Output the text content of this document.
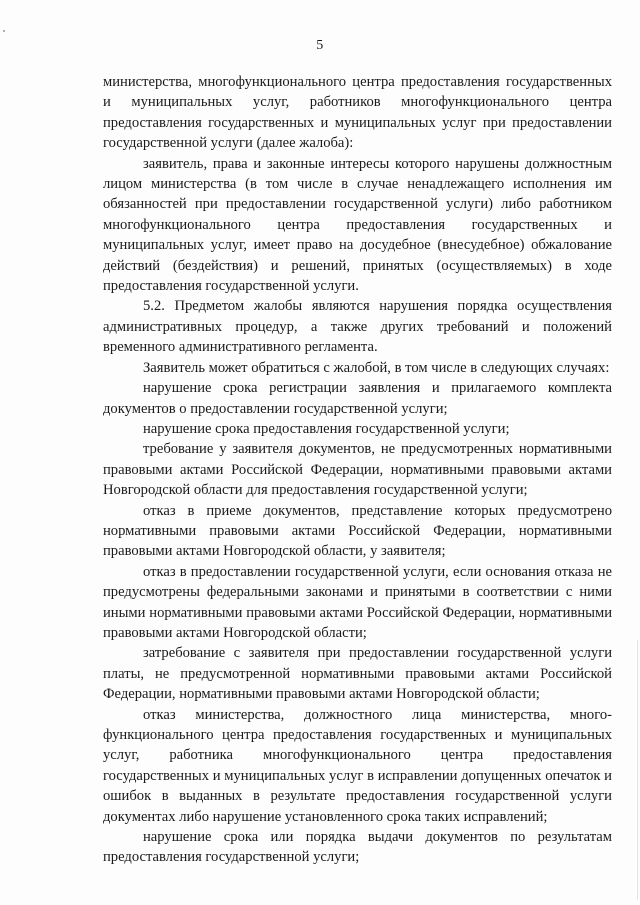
5

министерства, многофункционального центра предоставления государственных и муниципальных услуг, работников многофункционального центра предоставления государственных и муниципальных услуг при предоставлении государственной услуги (далее жалоба):

заявитель, права и законные интересы которого нарушены должностным лицом министерства (в том числе в случае ненадлежащего исполнения им обязанностей при предоставлении государственной услуги) либо работником многофункционального центра предоставления государственных и муниципальных услуг, имеет право на досудебное (внесудебное) обжалование действий (бездействия) и решений, принятых (осуществляемых) в ходе предоставления государственной услуги.

5.2. Предметом жалобы являются нарушения порядка осуществления административных процедур, а также других требований и положений временного административного регламента.

Заявитель может обратиться с жалобой, в том числе в следующих случаях:

нарушение срока регистрации заявления и прилагаемого комплекта документов о предоставлении государственной услуги;

нарушение срока предоставления государственной услуги;

требование у заявителя документов, не предусмотренных нормативными правовыми актами Российской Федерации, нормативными правовыми актами Новгородской области для предоставления государственной услуги;

отказ в приеме документов, представление которых предусмотрено нормативными правовыми актами Российской Федерации, нормативными правовыми актами Новгородской области, у заявителя;

отказ в предоставлении государственной услуги, если основания отказа не предусмотрены федеральными законами и принятыми в соответствии с ними иными нормативными правовыми актами Российской Федерации, нормативными правовыми актами Новгородской области;

затребование с заявителя при предоставлении государственной услуги платы, не предусмотренной нормативными правовыми актами Российской Федерации, нормативными правовыми актами Новгородской области;

отказ министерства, должностного лица министерства, многофункционального центра предоставления государственных и муниципальных услуг, работника многофункционального центра предоставления государственных и муниципальных услуг в исправлении допущенных опечаток и ошибок в выданных в результате предоставления государственной услуги документах либо нарушение установленного срока таких исправлений;

нарушение срока или порядка выдачи документов по результатам предоставления государственной услуги;
